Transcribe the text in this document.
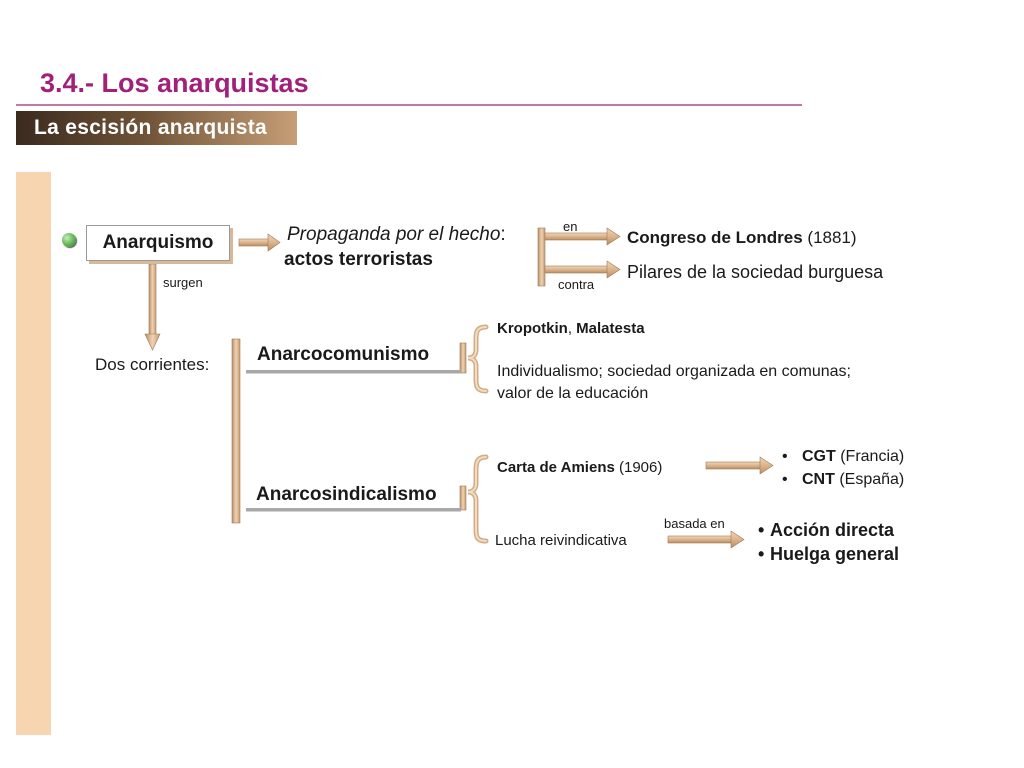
3.4.- Los anarquistas
La escisión anarquista
Anarquismo
surgen
Propaganda por el hecho:
actos terroristas
en
contra
Congreso de Londres (1881)
Pilares de la sociedad burguesa
Dos corrientes:	Anarcocomunismo
Kropotkin, Malatesta
Individualismo; sociedad organizada en comunas;
valor de la educación
Anarcosindicalismo
Carta de Amiens (1906)
• CGT (Francia)
• CNT (España)
basada en
Lucha reivindicativa
• Acción directa
• Huelga general
